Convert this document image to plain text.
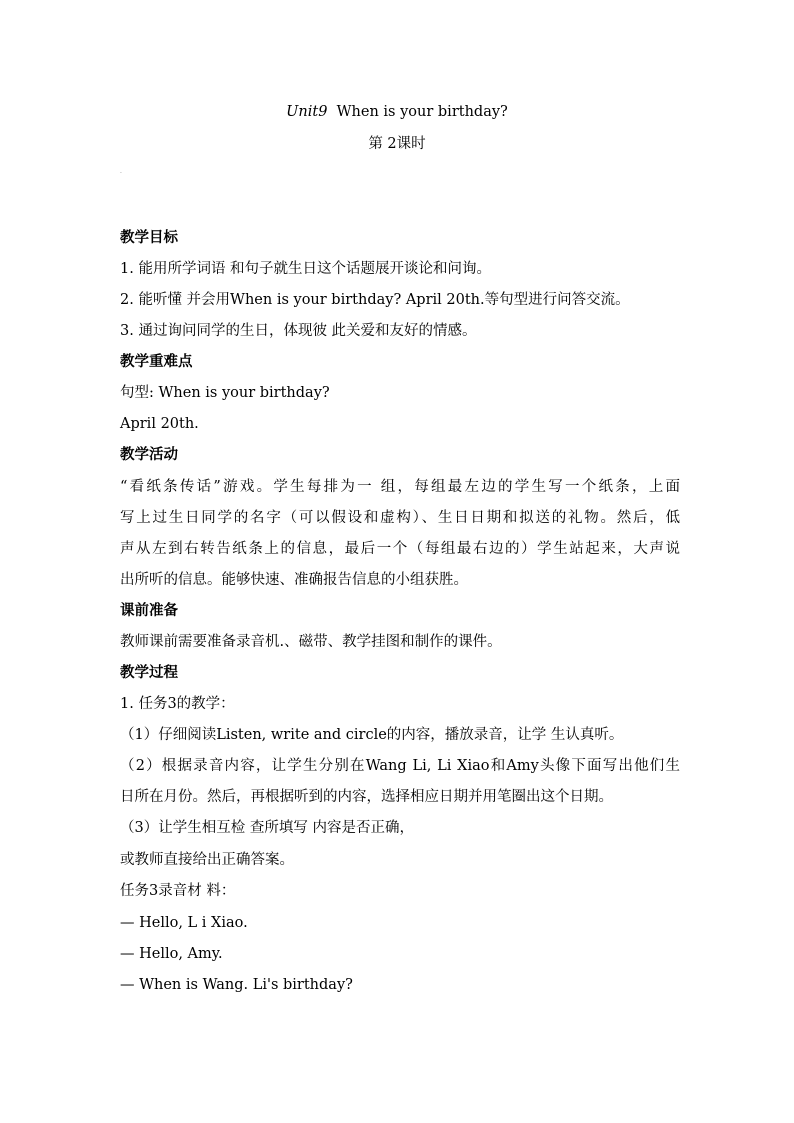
Unit9 When is your birthday?
第 2课时
.
教学目标
1. 能用所学词语 和句子就生日这个话题展开谈论和问询。
2. 能听懂 并会用When is your birthday? April 20th.等句型进行问答交流。
3. 通过询问同学的生日，体现彼 此关爱和友好的情感。
教学重难点
句型: When is your birthday?
April 20th.
教学活动
“看纸条传话”游戏。学生每排为一 组，每组最左边的学生写一个纸条，上面
写上过生日同学的名字（可以假设和虚构）、生日日期和拟送的礼物。然后，低
声从左到右转告纸条上的信息，最后一个（每组最右边的）学生站起来，大声说
出所听的信息。能够快速、准确报告信息的小组获胜。
课前准备
教师课前需要准备录音机.、磁带、教学挂图和制作的课件。
教学过程
1. 任务3的教学：
（1）仔细阅读Listen, write and circle的内容，播放录音，让学 生认真听。
（2）根据录音内容，让学生分别在Wang Li, Li Xiao和Amy头像下面写出他们生
日所在月份。然后，再根据听到的内容，选择相应日期并用笔圈出这个日期。
（3）让学生相互检 查所填写 内容是否正确，
或教师直接给出正确答案。
任务3录音材 料：
— Hello, L i Xiao.
— Hello, Amy.
— When is Wang. Li's birthday?
